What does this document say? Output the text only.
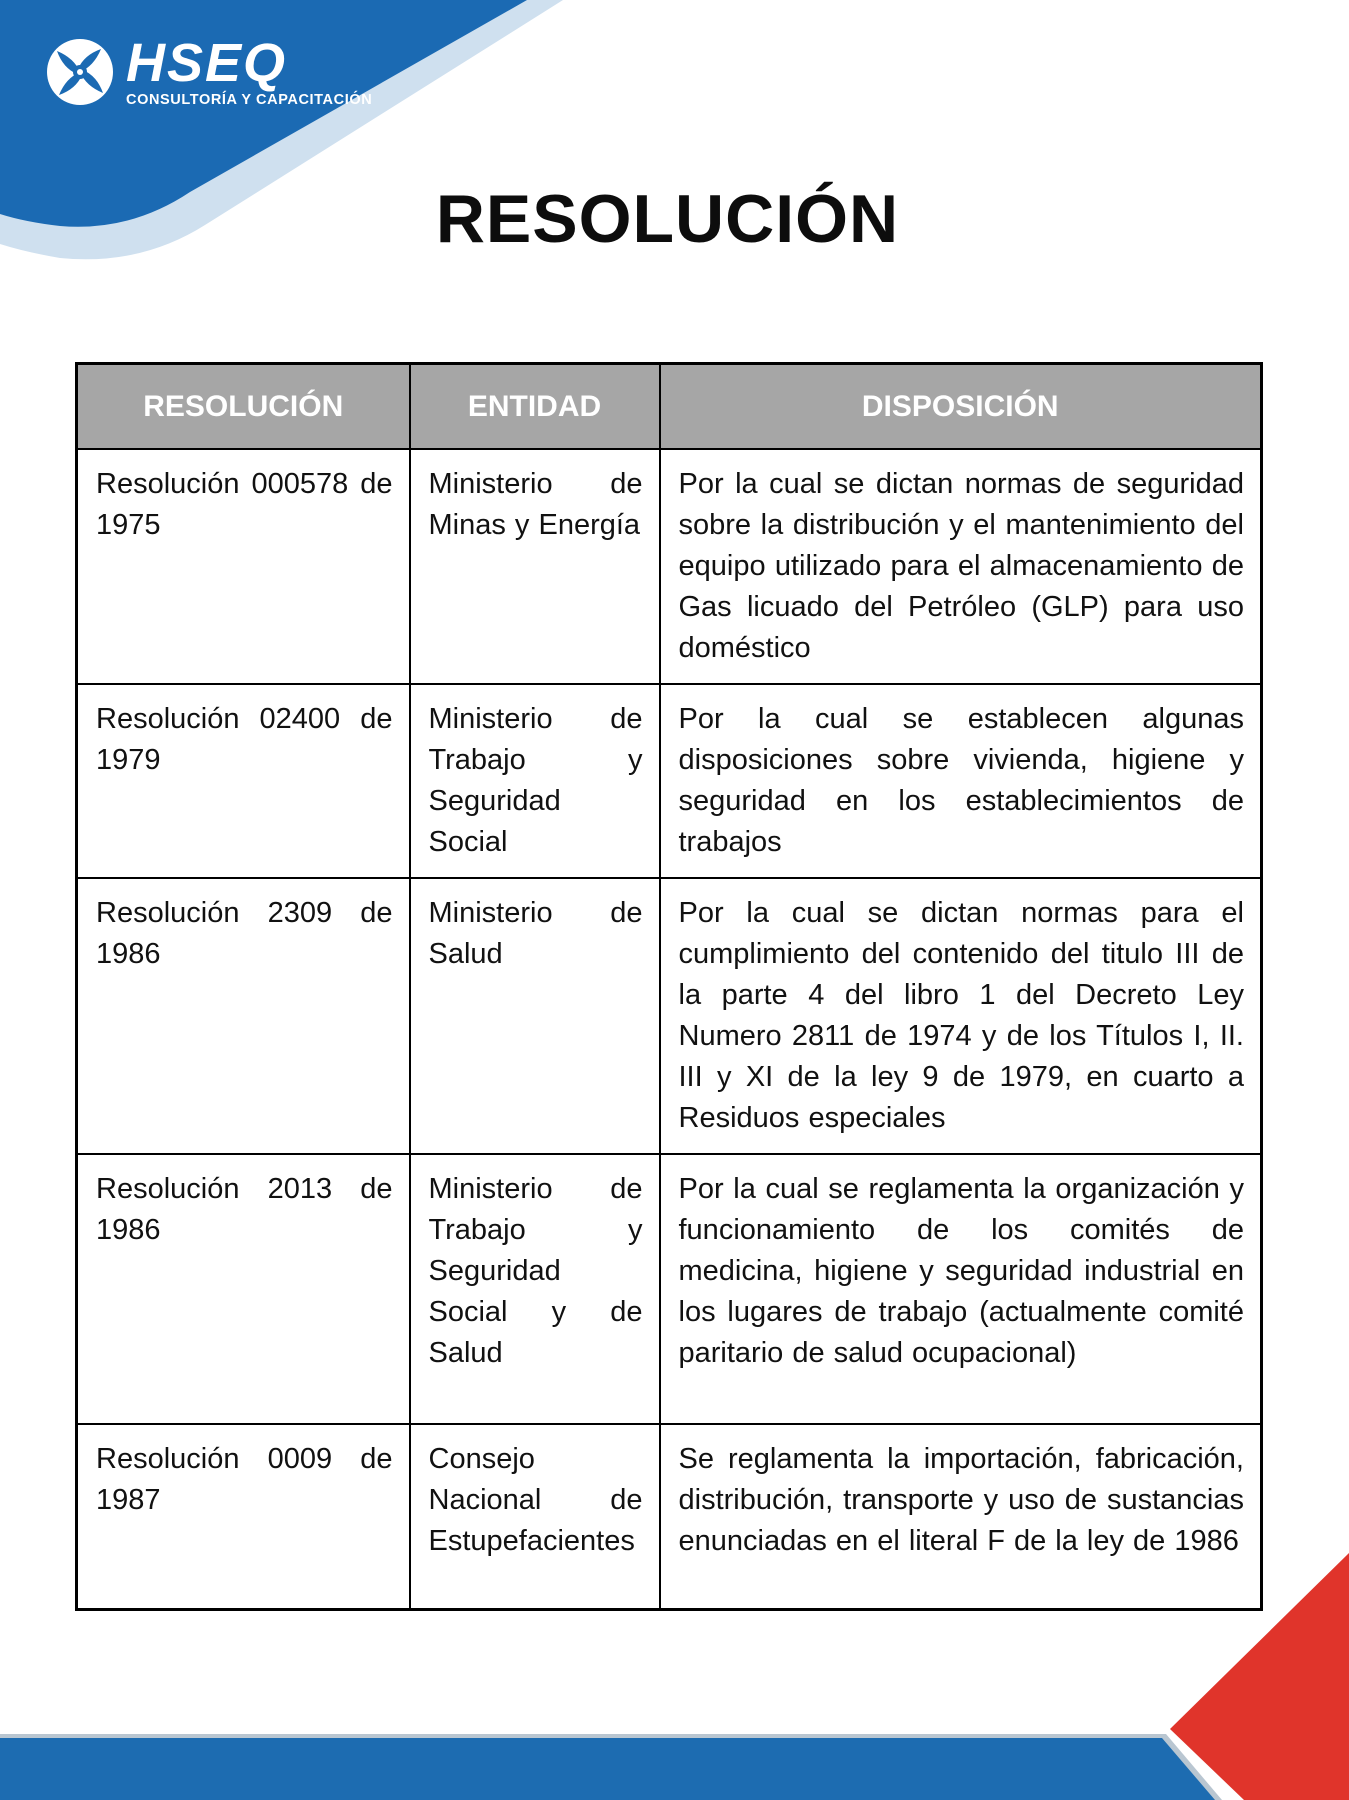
HSEQ
CONSULTORÍA Y CAPACITACIÓN
RESOLUCIÓN
RESOLUCIÓN	ENTIDAD	DISPOSICIÓN
Resolución 000578 de 1975	Ministerio de Minas y Energía	Por la cual se dictan normas de seguridad sobre la distribución y el mantenimiento del equipo utilizado para el almacenamiento de Gas licuado del Petróleo (GLP) para uso doméstico
Resolución 02400 de 1979	Ministerio de Trabajo y Seguridad Social	Por la cual se establecen algunas disposiciones sobre vivienda, higiene y seguridad en los establecimientos de trabajos
Resolución 2309 de 1986	Ministerio de Salud	Por la cual se dictan normas para el cumplimiento del contenido del titulo III de la parte 4 del libro 1 del Decreto Ley Numero 2811 de 1974 y de los Títulos I, II. III y XI de la ley 9 de 1979, en cuarto a Residuos especiales
Resolución 2013 de 1986	Ministerio de Trabajo y Seguridad Social y de Salud	Por la cual se reglamenta la organización y funcionamiento de los comités de medicina, higiene y seguridad industrial en los lugares de trabajo (actualmente comité paritario de salud ocupacional)
Resolución 0009 de 1987	Consejo Nacional de Estupefacientes	Se reglamenta la importación, fabricación, distribución, transporte y uso de sustancias enunciadas en el literal F de la ley de 1986
